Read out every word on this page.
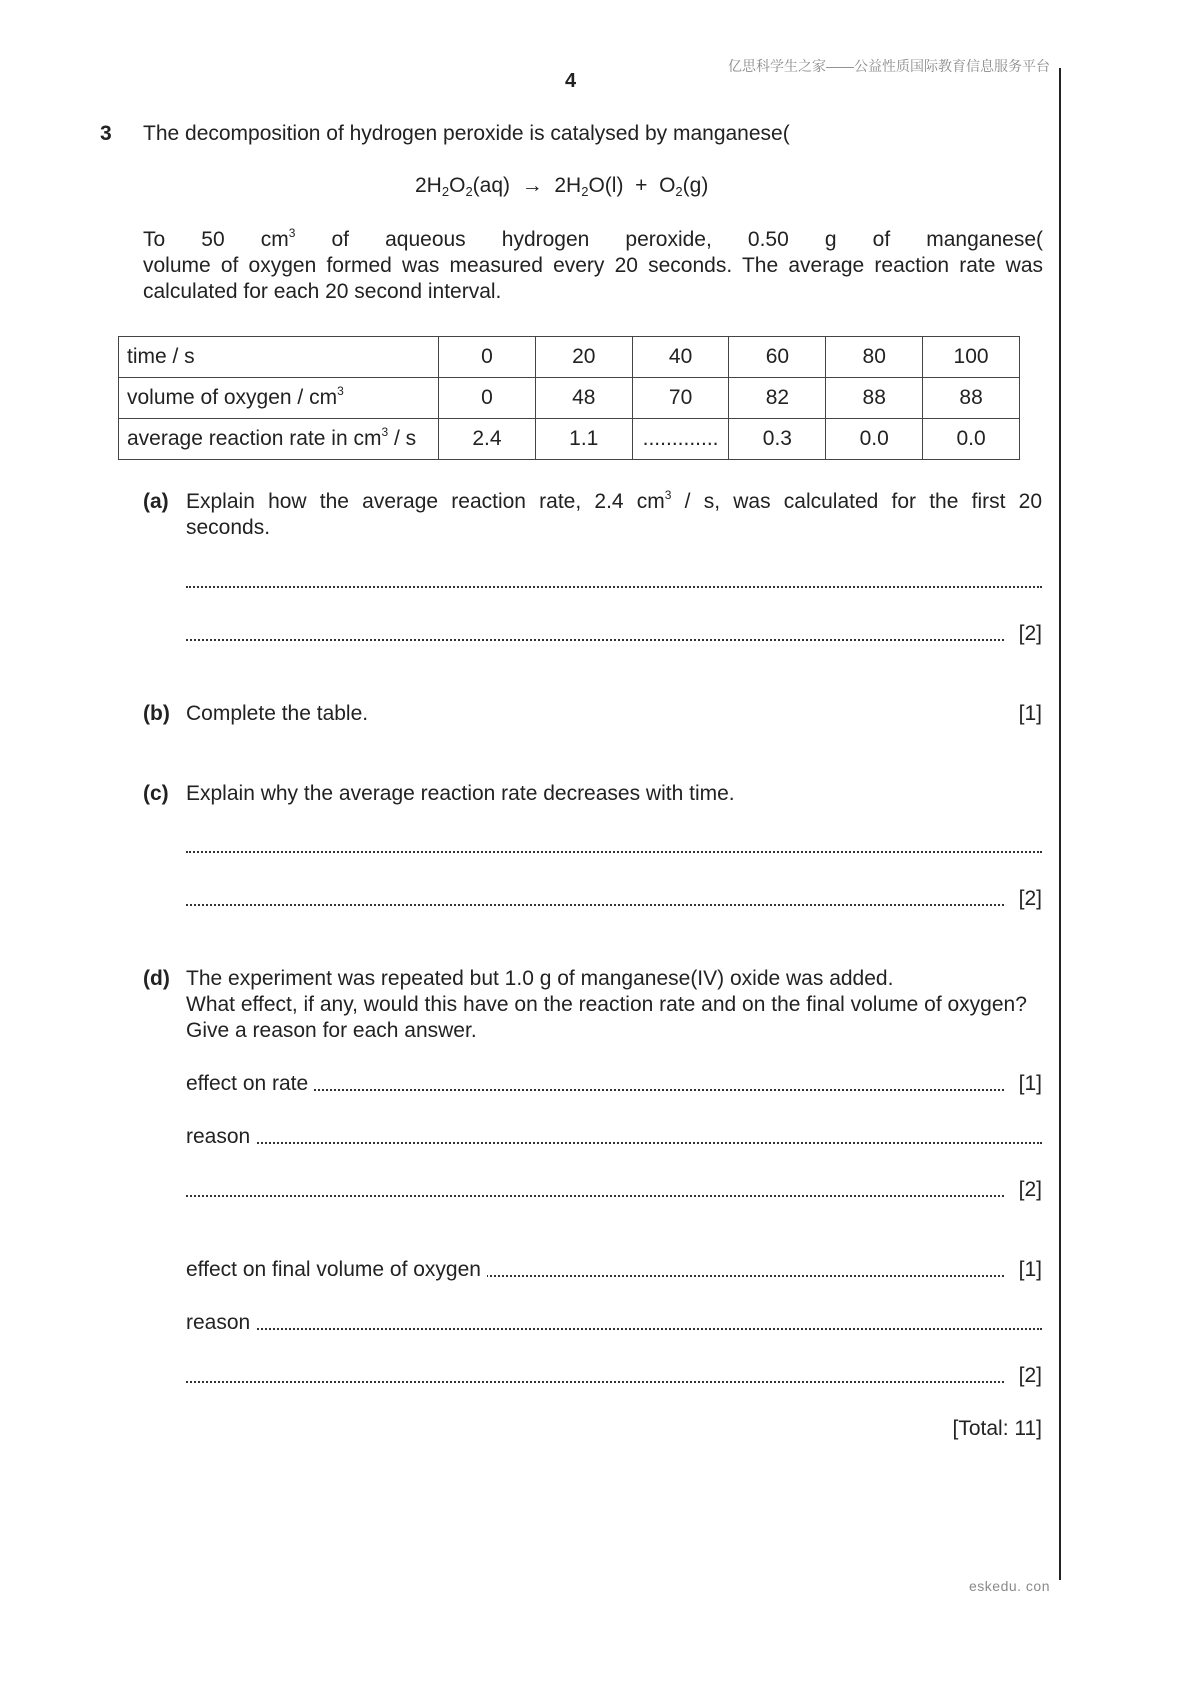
亿思科学生之家——公益性质国际教育信息服务平台
4
3 The decomposition of hydrogen peroxide is catalysed by manganese(
$2H_2O_2(aq) \to 2H_2O(l) + O_2(g)$
To 50 $cm^3$ of aqueous hydrogen peroxide, 0.50 g of manganese(
volume of oxygen formed was measured every 20 seconds. The average reaction rate was
calculated for each 20 second interval.
time / s	0	20	40	60	80	100
volume of oxygen / $cm^3$	0	48	70	82	88	88
average reaction rate in $cm^3$ / s	2.4	1.1	.............	0.3	0.0	0.0
(a) Explain how the average reaction rate, 2.4 $cm^3$ / s, was calculated for the first 20
seconds.
[2]
(b) Complete the table.	[1]
(c) Explain why the average reaction rate decreases with time.
[2]
(d) The experiment was repeated but 1.0 g of manganese(IV) oxide was added.
What effect, if any, would this have on the reaction rate and on the final volume of oxygen?
Give a reason for each answer.
effect on rate	[1]
reason
[2]
effect on final volume of oxygen	[1]
reason
[2]
[Total: 11]
eskedu. con
